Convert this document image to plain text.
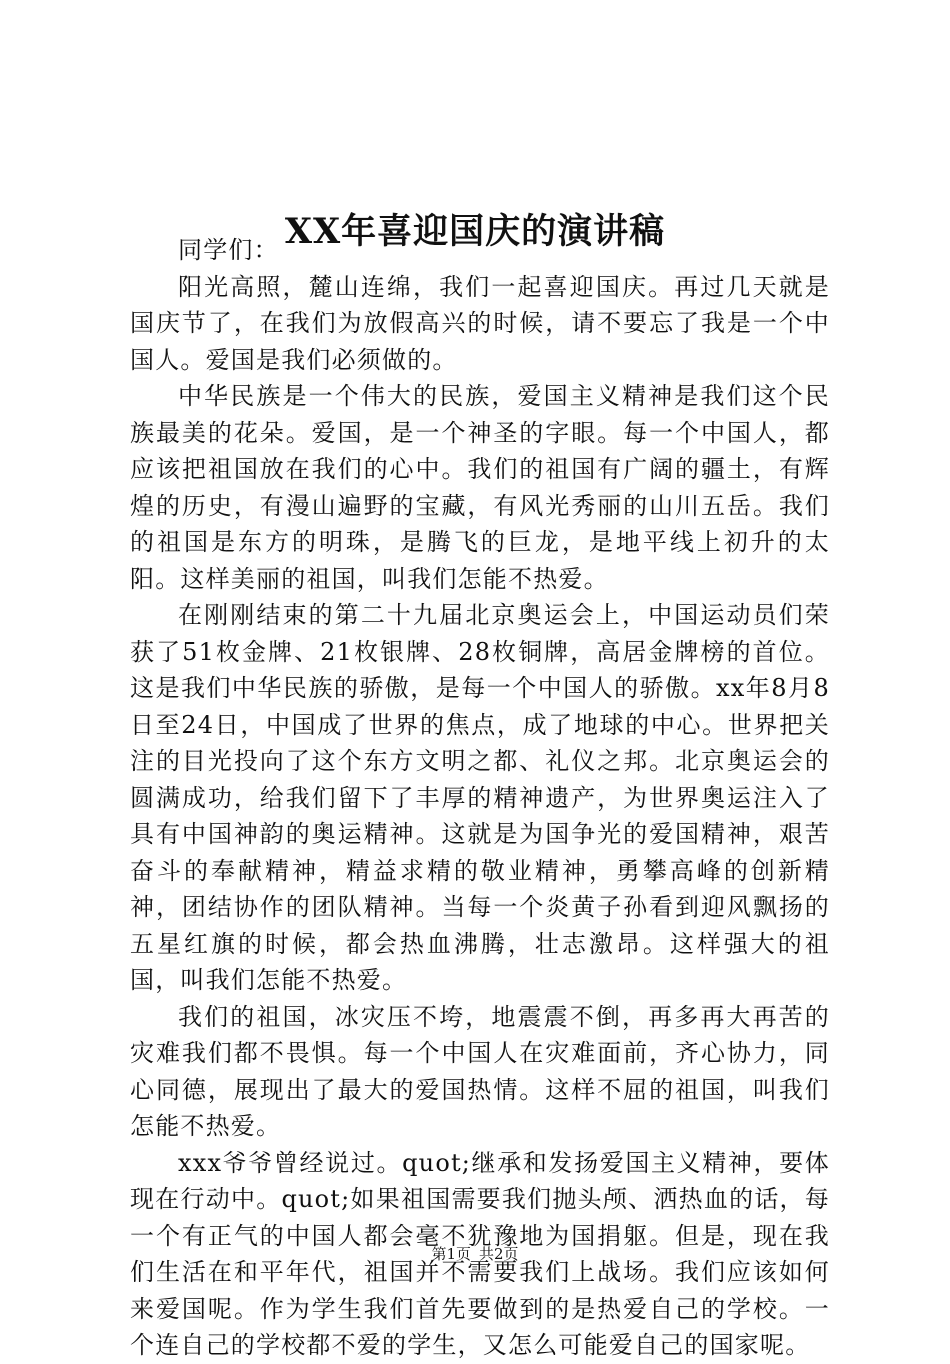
XX年喜迎国庆的演讲稿

同学们：

阳光高照，麓山连绵，我们一起喜迎国庆。再过几天就是国庆节了，在我们为放假高兴的时候，请不要忘了我是一个中国人。爱国是我们必须做的。

中华民族是一个伟大的民族，爱国主义精神是我们这个民族最美的花朵。爱国，是一个神圣的字眼。每一个中国人，都应该把祖国放在我们的心中。我们的祖国有广阔的疆土，有辉煌的历史，有漫山遍野的宝藏，有风光秀丽的山川五岳。我们的祖国是东方的明珠，是腾飞的巨龙，是地平线上初升的太阳。这样美丽的祖国，叫我们怎能不热爱。

在刚刚结束的第二十九届北京奥运会上，中国运动员们荣获了51枚金牌、21枚银牌、28枚铜牌，高居金牌榜的首位。这是我们中华民族的骄傲，是每一个中国人的骄傲。xx年8月8日至24日，中国成了世界的焦点，成了地球的中心。世界把关注的目光投向了这个东方文明之都、礼仪之邦。北京奥运会的圆满成功，给我们留下了丰厚的精神遗产，为世界奥运注入了具有中国神韵的奥运精神。这就是为国争光的爱国精神，艰苦奋斗的奉献精神，精益求精的敬业精神，勇攀高峰的创新精神，团结协作的团队精神。当每一个炎黄子孙看到迎风飘扬的五星红旗的时候，都会热血沸腾，壮志激昂。这样强大的祖国，叫我们怎能不热爱。

我们的祖国，冰灾压不垮，地震震不倒，再多再大再苦的灾难我们都不畏惧。每一个中国人在灾难面前，齐心协力，同心同德，展现出了最大的爱国热情。这样不屈的祖国，叫我们怎能不热爱。

xxx爷爷曾经说过。quot;继承和发扬爱国主义精神，要体现在行动中。quot;如果祖国需要我们抛头颅、洒热血的话，每一个有正气的中国人都会毫不犹豫地为国捐躯。但是，现在我们生活在和平年代，祖国并不需要我们上战场。我们应该如何来爱国呢。作为学生我们首先要做到的是热爱自己的学校。一个连自己的学校都不爱的学生，又怎么可能爱自己的国家呢。

第1页 共2页
